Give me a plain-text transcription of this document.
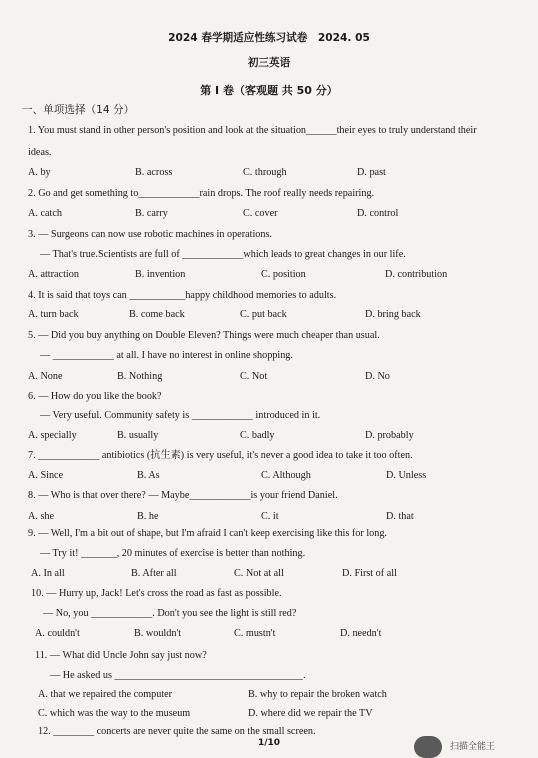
2024 春学期适应性练习试卷　2024. 05
初三英语
第 I 卷（客观题 共 50 分）
一、单项选择（14 分）
1. You must stand in other person's position and look at the situation______their eyes to truly understand their
ideas.
A. by	B. across	C. through	D. past
2. Go and get something to____________rain drops. The roof really needs repairing.
A. catch	B. carry	C. cover	D. control
3. — Surgeons can now use robotic machines in operations.
— That's true.Scientists are full of ____________which leads to great changes in our life.
A. attraction	B. invention	C. position	D. contribution
4. It is said that toys can ___________happy childhood memories to adults.
A. turn back	B. come back	C. put back	D. bring back
5. — Did you buy anything on Double Eleven? Things were much cheaper than usual.
— ____________ at all. I have no interest in online shopping.
A. None	B. Nothing	C. Not	D. No
6. — How do you like the book?
— Very useful. Community safety is ____________ introduced in it.
A. specially	B. usually	C. badly	D. probably
7. ____________ antibiotics (抗生素) is very useful, it's never a good idea to take it too often.
A. Since	B. As	C. Although	D. Unless
8. — Who is that over there? — Maybe____________is your friend Daniel.
A. she	B. he	C. it	D. that
9. — Well, I'm a bit out of shape, but I'm afraid I can't keep exercising like this for long.
— Try it! _______, 20 minutes of exercise is better than nothing.
A. In all	B. After all	C. Not at all	D. First of all
10. — Hurry up, Jack! Let's cross the road as fast as possible.
— No, you ____________. Don't you see the light is still red?
A. couldn't	B. wouldn't	C. mustn't	D. needn't
11. — What did Uncle John say just now?
— He asked us _____________________________________.
A. that we repaired the computer	B. why to repair the broken watch
C. which was the way to the museum	D. where did we repair the TV
12. ________ concerts are never quite the same on the small screen.
1/10	扫描全能王
